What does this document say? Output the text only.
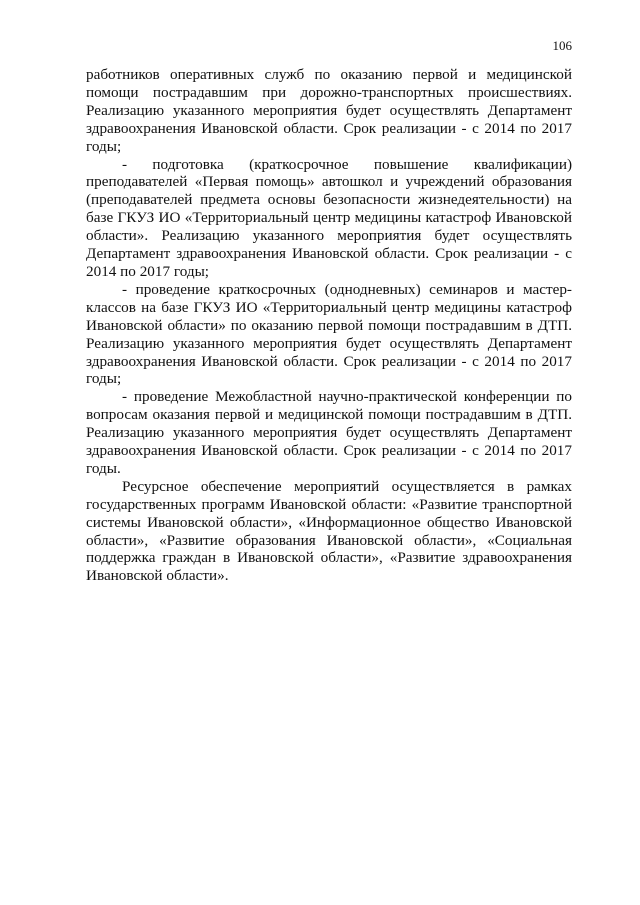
106

работников оперативных служб по оказанию первой и медицинской помощи пострадавшим при дорожно-транспортных происшествиях. Реализацию указанного мероприятия будет осуществлять Департамент здравоохранения Ивановской области. Срок реализации - с 2014 по 2017 годы;

- подготовка (краткосрочное повышение квалификации) преподавателей «Первая помощь» автошкол и учреждений образования (преподавателей предмета основы безопасности жизнедеятельности) на базе ГКУЗ ИО «Территориальный центр медицины катастроф Ивановской области». Реализацию указанного мероприятия будет осуществлять Департамент здравоохранения Ивановской области. Срок реализации - с 2014 по 2017 годы;

- проведение краткосрочных (однодневных) семинаров и мастер-классов на базе ГКУЗ ИО «Территориальный центр медицины катастроф Ивановской области» по оказанию первой помощи пострадавшим в ДТП. Реализацию указанного мероприятия будет осуществлять Департамент здравоохранения Ивановской области. Срок реализации - с 2014 по 2017 годы;

- проведение Межобластной научно-практической конференции по вопросам оказания первой и медицинской помощи пострадавшим в ДТП. Реализацию указанного мероприятия будет осуществлять Департамент здравоохранения Ивановской области. Срок реализации - с 2014 по 2017 годы.

Ресурсное обеспечение мероприятий осуществляется в рамках государственных программ Ивановской области: «Развитие транспортной системы Ивановской области», «Информационное общество Ивановской области», «Развитие образования Ивановской области», «Социальная поддержка граждан в Ивановской области», «Развитие здравоохранения Ивановской области».
